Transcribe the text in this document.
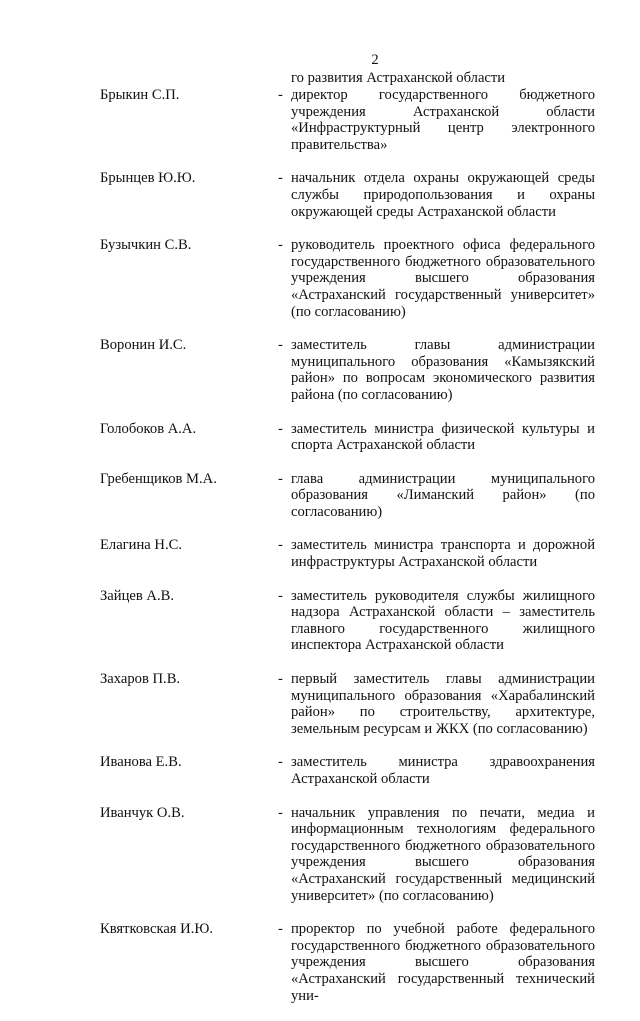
2
го развития Астраханской области
Брыкин С.П.	- директор государственного бюджетного учреждения Астраханской области «Инфраструктурный центр электронного правительства»
Брынцев Ю.Ю.	- начальник отдела охраны окружающей среды службы природопользования и охраны окружающей среды Астраханской области
Бузычкин С.В.	- руководитель проектного офиса федерального государственного бюджетного образовательного учреждения высшего образования «Астраханский государственный университет» (по согласованию)
Воронин И.С.	- заместитель главы администрации муниципального образования «Камызякский район» по вопросам экономического развития района (по согласованию)
Голобоков А.А.	- заместитель министра физической культуры и спорта Астраханской области
Гребенщиков М.А.	- глава администрации муниципального образования «Лиманский район» (по согласованию)
Елагина Н.С.	- заместитель министра транспорта и дорожной инфраструктуры Астраханской области
Зайцев А.В.	- заместитель руководителя службы жилищного надзора Астраханской области – заместитель главного государственного жилищного инспектора Астраханской области
Захаров П.В.	- первый заместитель главы администрации муниципального образования «Харабалинский район» по строительству, архитектуре, земельным ресурсам и ЖКХ (по согласованию)
Иванова Е.В.	- заместитель министра здравоохранения Астраханской области
Иванчук О.В.	- начальник управления по печати, медиа и информационным технологиям федерального государственного бюджетного образовательного учреждения высшего образования «Астраханский государственный медицинский университет» (по согласованию)
Квятковская И.Ю.	- проректор по учебной работе федерального государственного бюджетного образовательного учреждения высшего образования «Астраханский государственный технический уни-
